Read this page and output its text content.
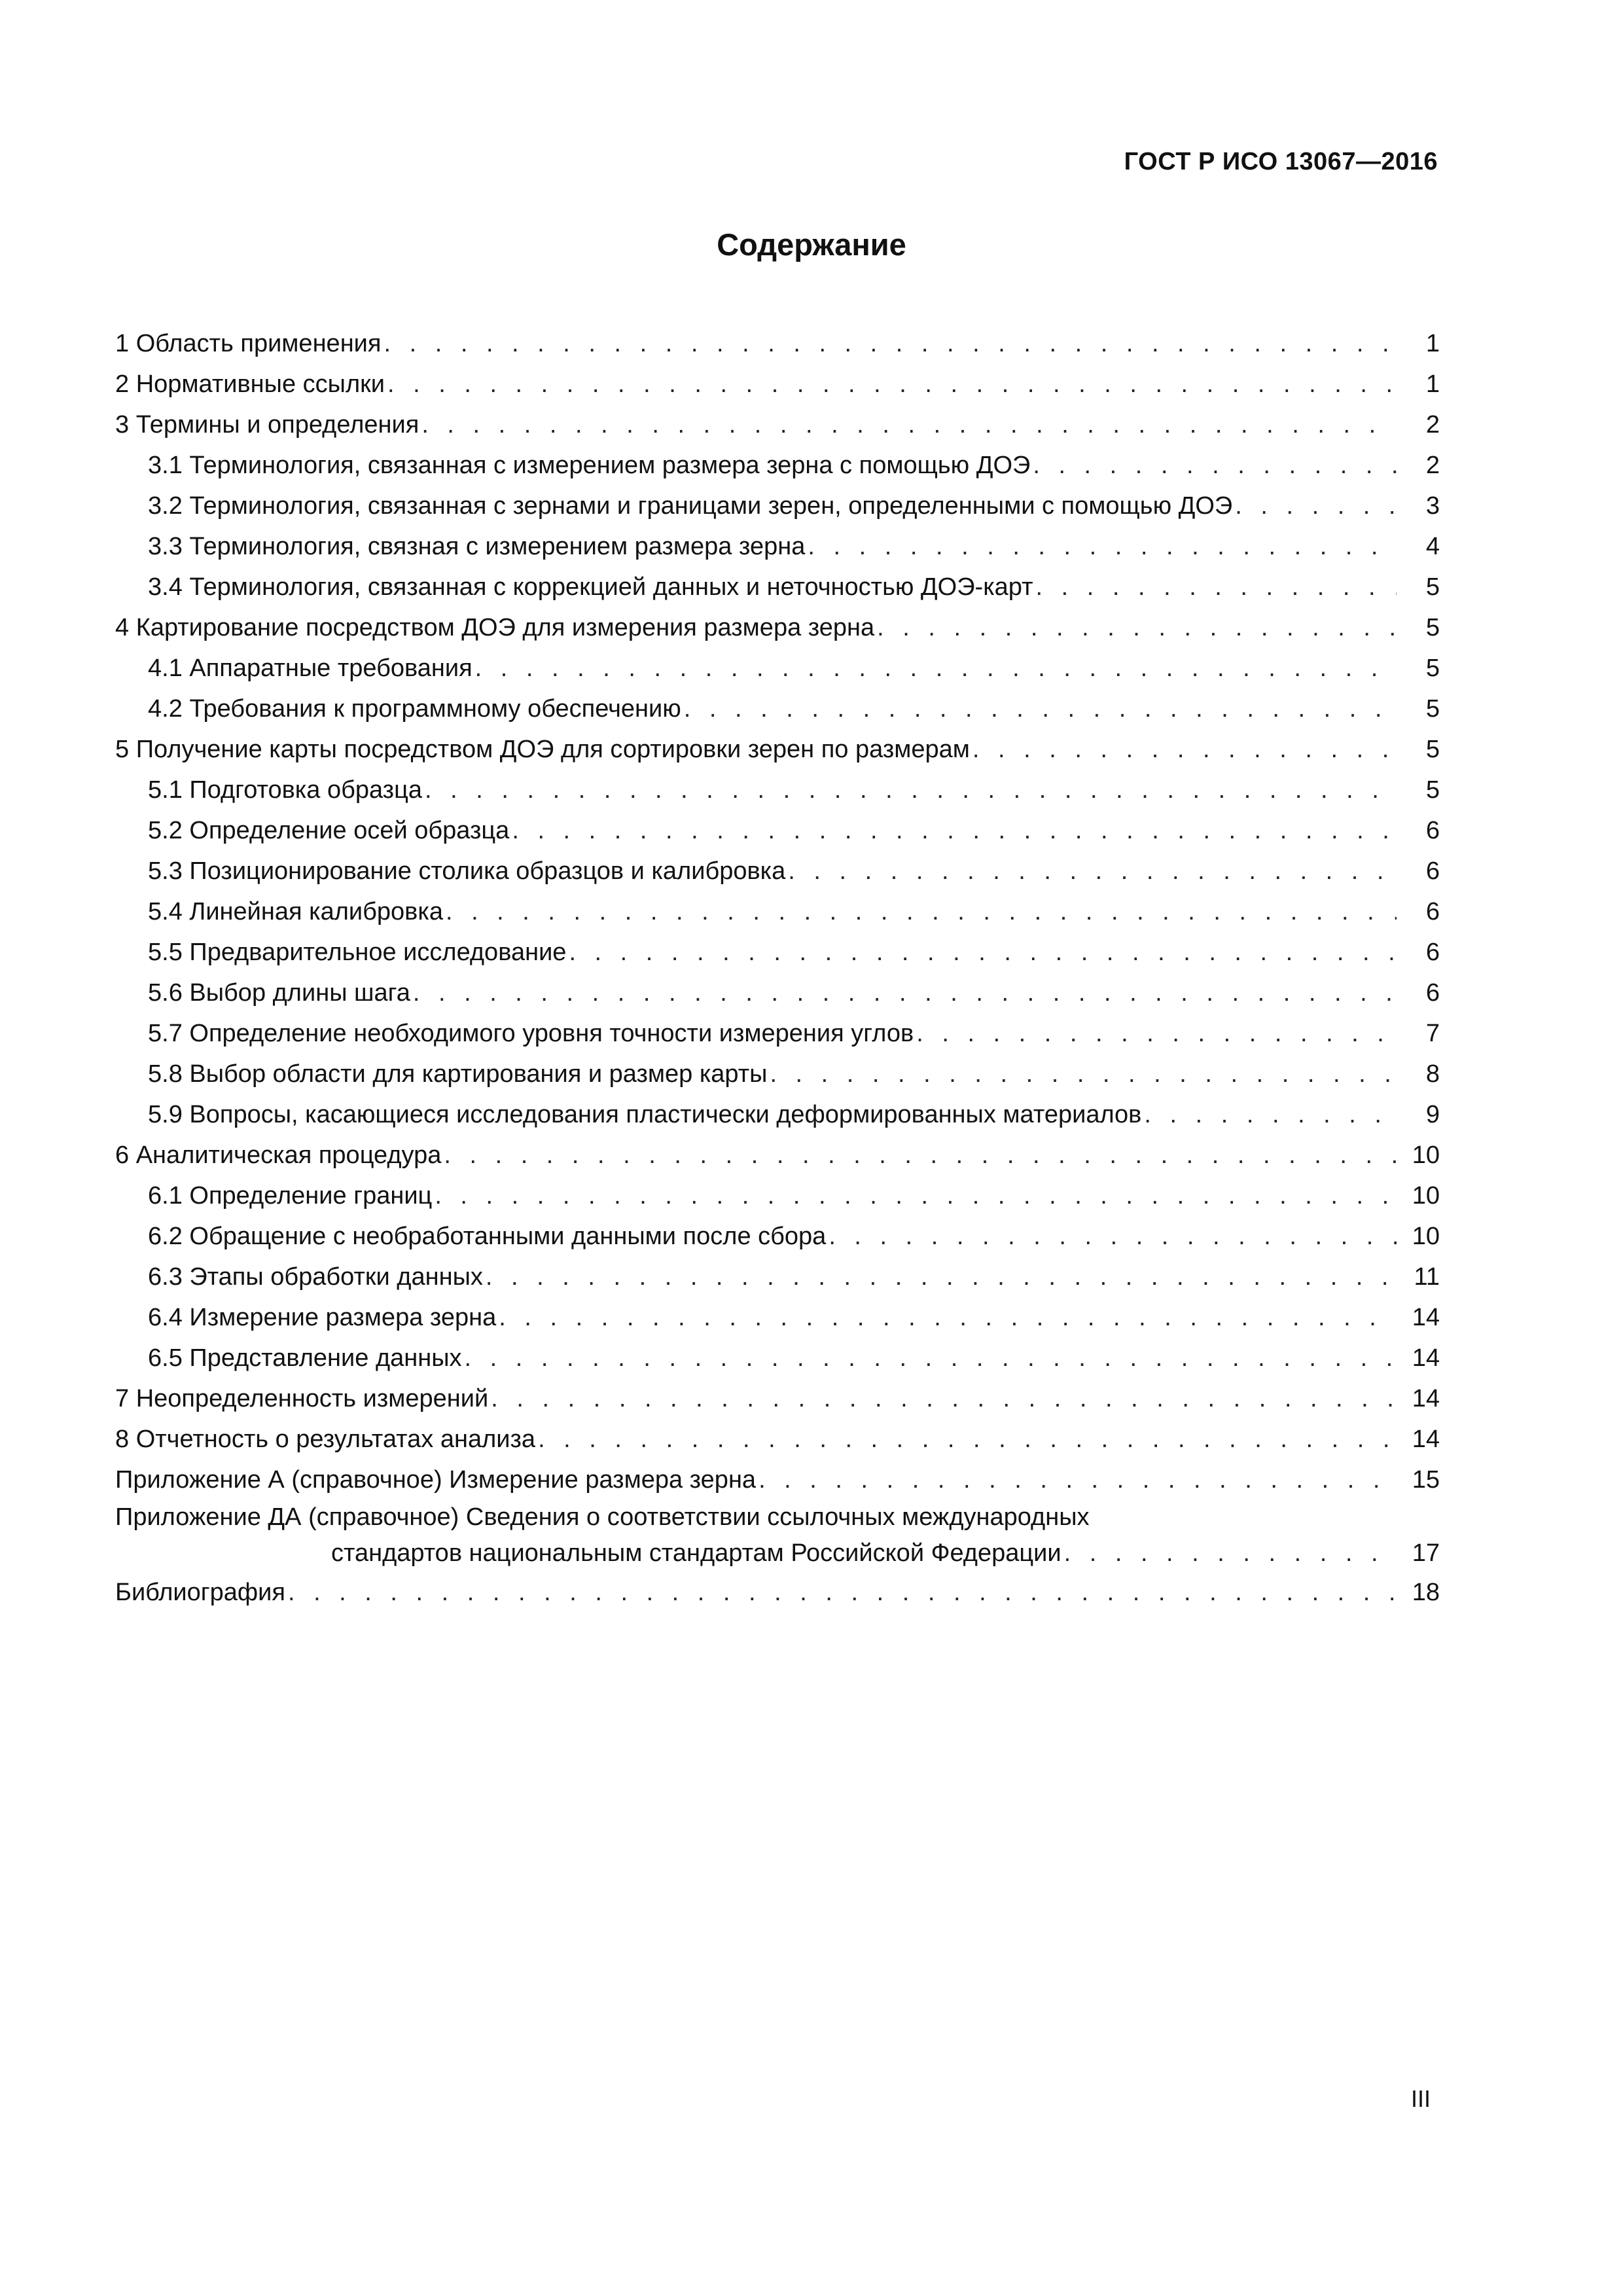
ГОСТ Р ИСО 13067—2016
Содержание
1 Область применения . . .	1
2 Нормативные ссылки . . .	1
3 Термины и определения . . .	2
3.1 Терминология, связанная с измерением размера зерна с помощью ДОЭ . . .	2
3.2 Терминология, связанная с зернами и границами зерен, определенными с помощью ДОЭ . . .	3
3.3 Терминология, связная с измерением размера зерна . . .	4
3.4 Терминология, связанная с коррекцией данных и неточностью ДОЭ-карт . . .	5
4 Картирование посредством ДОЭ для измерения размера зерна . . .	5
4.1 Аппаратные требования . . .	5
4.2 Требования к программному обеспечению . . .	5
5 Получение карты посредством ДОЭ для сортировки зерен по размерам . . .	5
5.1 Подготовка образца . . .	5
5.2 Определение осей образца . . .	6
5.3 Позиционирование столика образцов и калибровка . . .	6
5.4 Линейная калибровка . . .	6
5.5 Предварительное исследование . . .	6
5.6 Выбор длины шага . . .	6
5.7 Определение необходимого уровня точности измерения углов . . .	7
5.8 Выбор области для картирования и размер карты . . .	8
5.9 Вопросы, касающиеся исследования пластически деформированных материалов . . .	9
6 Аналитическая процедура . . .	10
6.1 Определение границ . . .	10
6.2 Обращение с необработанными данными после сбора . . .	10
6.3 Этапы обработки данных . . .	11
6.4 Измерение размера зерна . . .	14
6.5 Представление данных . . .	14
7 Неопределенность измерений . . .	14
8 Отчетность о результатах анализа . . .	14
Приложение А (справочное) Измерение размера зерна . . .	15
Приложение ДА (справочное) Сведения о соответствии ссылочных международных
стандартов национальным стандартам Российской Федерации . . .	17
Библиография . . .	18
III
